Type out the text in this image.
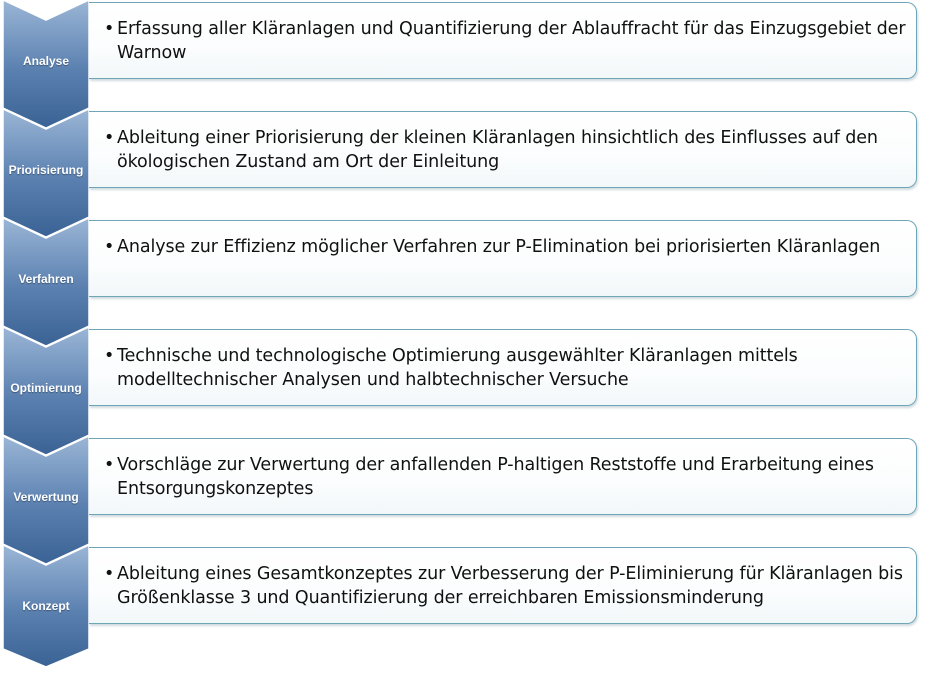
Analyse
• Erfassung aller Kläranlagen und Quantifizierung der Ablauffracht für das Einzugsgebiet der Warnow
Priorisierung
• Ableitung einer Priorisierung der kleinen Kläranlagen hinsichtlich des Einflusses auf den ökologischen Zustand am Ort der Einleitung
Verfahren
• Analyse zur Effizienz möglicher Verfahren zur P-Elimination bei priorisierten Kläranlagen
Optimierung
• Technische und technologische Optimierung ausgewählter Kläranlagen mittels modelltechnischer Analysen und halbtechnischer Versuche
Verwertung
• Vorschläge zur Verwertung der anfallenden P-haltigen Reststoffe und Erarbeitung eines Entsorgungskonzeptes
Konzept
• Ableitung eines Gesamtkonzeptes zur Verbesserung der P-Eliminierung für Kläranlagen bis Größenklasse 3 und Quantifizierung der erreichbaren Emissionsminderung
